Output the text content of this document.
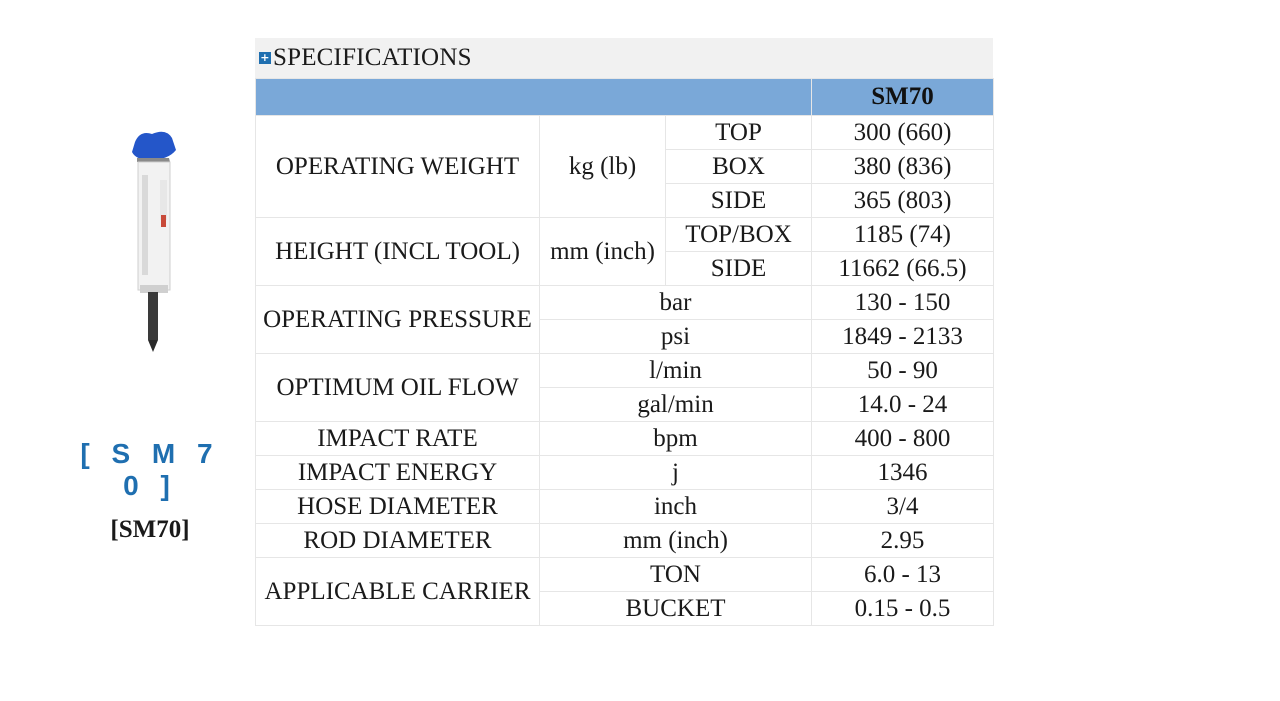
[ S M 7 0 ]
[SM70]
+ SPECIFICATIONS
			SM70
OPERATING WEIGHT	kg (lb)	TOP	300 (660)
		BOX	380 (836)
		SIDE	365 (803)
HEIGHT (INCL TOOL)	mm (inch)	TOP/BOX	1185 (74)
		SIDE	11662 (66.5)
OPERATING PRESSURE	bar		130 - 150
	psi		1849 - 2133
OPTIMUM OIL FLOW	l/min		50 - 90
	gal/min		14.0 - 24
IMPACT RATE	bpm		400 - 800
IMPACT ENERGY	j		1346
HOSE DIAMETER	inch		3/4
ROD DIAMETER	mm (inch)		2.95
APPLICABLE CARRIER	TON		6.0 - 13
	BUCKET		0.15 - 0.5
